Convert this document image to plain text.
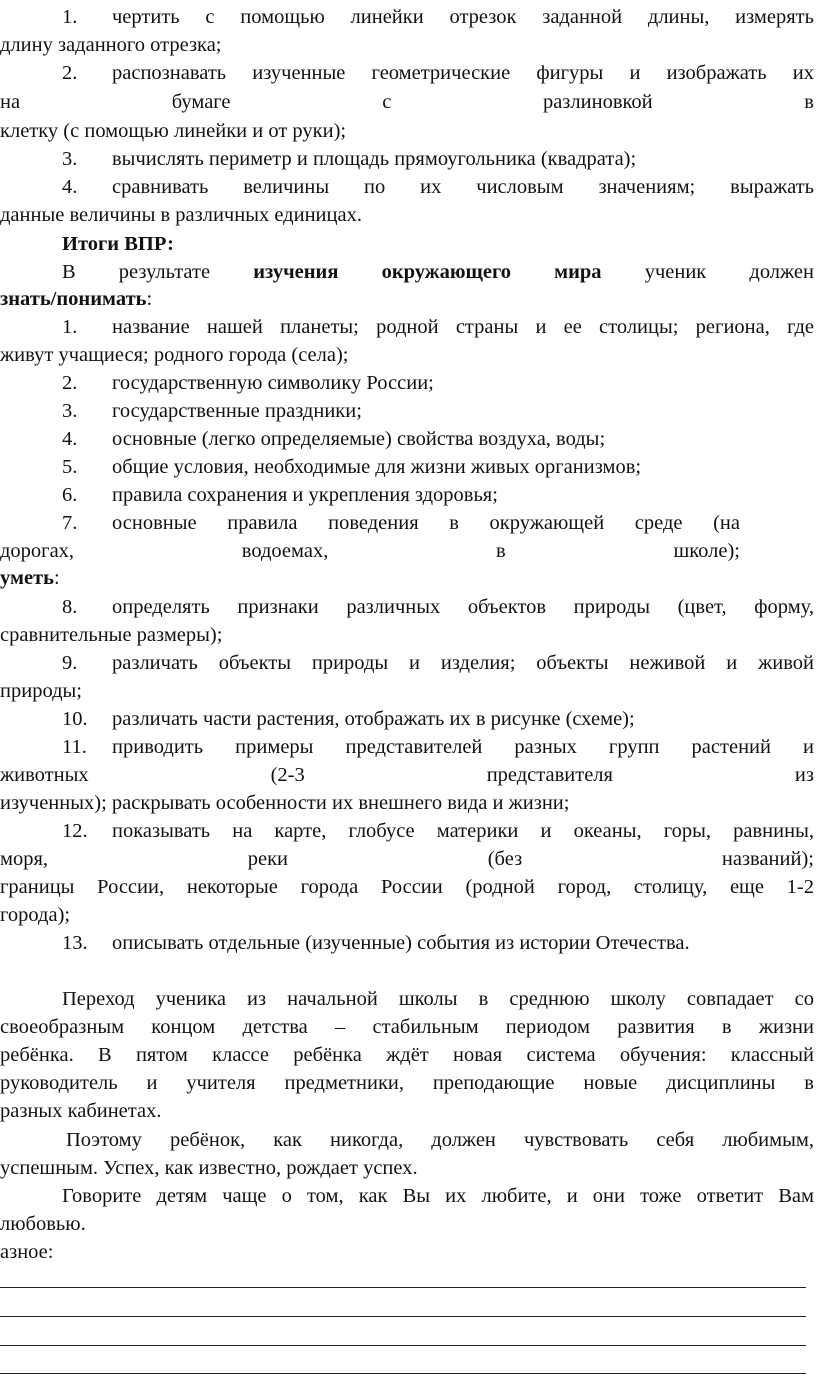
1. чертить с помощью линейки отрезок заданной длины, измерять
длину заданного отрезка;
2. распознавать изученные геометрические фигуры и изображать их
на бумаге с разлиновкой в
клетку (с помощью линейки и от руки);
3. вычислять периметр и площадь прямоугольника (квадрата);
4. сравнивать величины по их числовым значениям; выражать
данные величины в различных единицах.
Итоги ВПР:
В результате изучения окружающего мира ученик должен
знать/понимать:
1. название нашей планеты; родной страны и ее столицы; региона, где
живут учащиеся; родного города (села);
2. государственную символику России;
3. государственные праздники;
4. основные (легко определяемые) свойства воздуха, воды;
5. общие условия, необходимые для жизни живых организмов;
6. правила сохранения и укрепления здоровья;
7. основные правила поведения в окружающей среде (на
дорогах, водоемах, в школе);
уметь:
8. определять признаки различных объектов природы (цвет, форму,
сравнительные размеры);
9. различать объекты природы и изделия; объекты неживой и живой
природы;
10. различать части растения, отображать их в рисунке (схеме);
11. приводить примеры представителей разных групп растений и
животных (2-3 представителя из
изученных); раскрывать особенности их внешнего вида и жизни;
12. показывать на карте, глобусе материки и океаны, горы, равнины,
моря, реки (без названий);
границы России, некоторые города России (родной город, столицу, еще 1-2
города);
13. описывать отдельные (изученные) события из истории Отечества.
Переход ученика из начальной школы в среднюю школу совпадает со
своеобразным концом детства – стабильным периодом развития в жизни
ребёнка. В пятом классе ребёнка ждёт новая система обучения: классный
руководитель и учителя предметники, преподающие новые дисциплины в
разных кабинетах.
Поэтому ребёнок, как никогда, должен чувствовать себя любимым,
успешным. Успех, как известно, рождает успех.
Говорите детям чаще о том, как Вы их любите, и они тоже ответит Вам
любовью.
азное:
